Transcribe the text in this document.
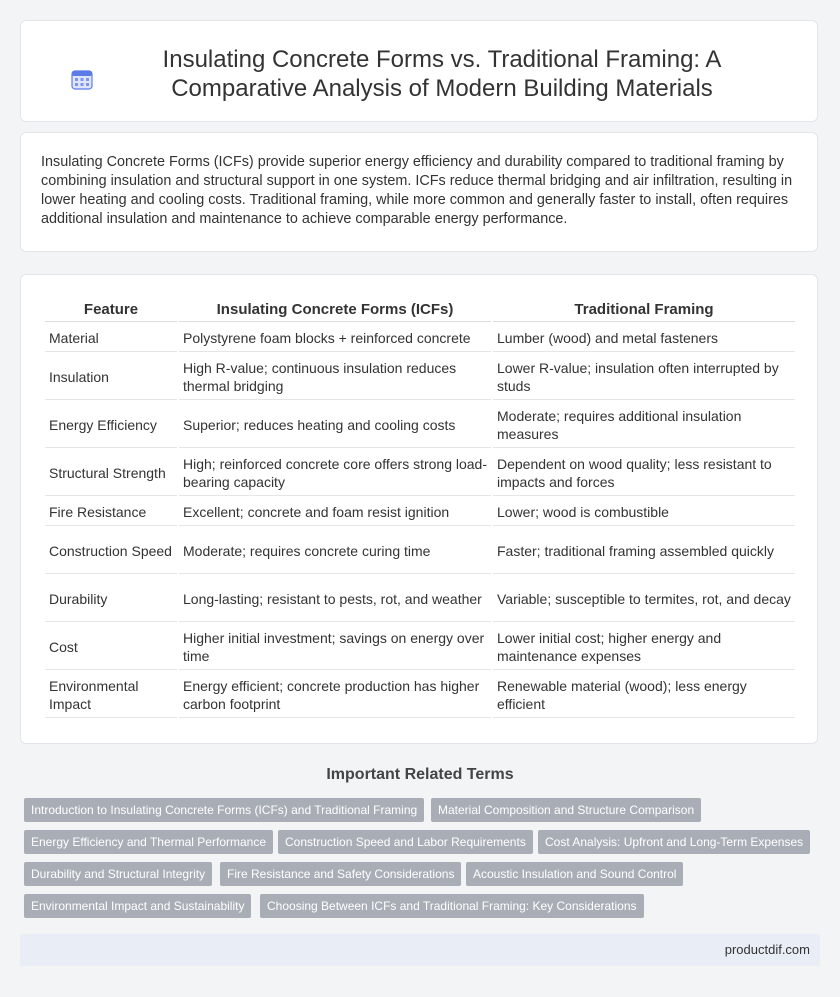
Insulating Concrete Forms vs. Traditional Framing: A Comparative Analysis of Modern Building Materials

Insulating Concrete Forms (ICFs) provide superior energy efficiency and durability compared to traditional framing by combining insulation and structural support in one system. ICFs reduce thermal bridging and air infiltration, resulting in lower heating and cooling costs. Traditional framing, while more common and generally faster to install, often requires additional insulation and maintenance to achieve comparable energy performance.

Feature	Insulating Concrete Forms (ICFs)	Traditional Framing
Material	Polystyrene foam blocks + reinforced concrete	Lumber (wood) and metal fasteners
Insulation	High R-value; continuous insulation reduces thermal bridging	Lower R-value; insulation often interrupted by studs
Energy Efficiency	Superior; reduces heating and cooling costs	Moderate; requires additional insulation measures
Structural Strength	High; reinforced concrete core offers strong load-bearing capacity	Dependent on wood quality; less resistant to impacts and forces
Fire Resistance	Excellent; concrete and foam resist ignition	Lower; wood is combustible
Construction Speed	Moderate; requires concrete curing time	Faster; traditional framing assembled quickly
Durability	Long-lasting; resistant to pests, rot, and weather	Variable; susceptible to termites, rot, and decay
Cost	Higher initial investment; savings on energy over time	Lower initial cost; higher energy and maintenance expenses
Environmental Impact	Energy efficient; concrete production has higher carbon footprint	Renewable material (wood); less energy efficient
Important Related Terms
Introduction to Insulating Concrete Forms (ICFs) and Traditional Framing	Material Composition and Structure Comparison
Energy Efficiency and Thermal Performance	Construction Speed and Labor Requirements	Cost Analysis: Upfront and Long-Term Expenses
Durability and Structural Integrity	Fire Resistance and Safety Considerations	Acoustic Insulation and Sound Control
Environmental Impact and Sustainability	Choosing Between ICFs and Traditional Framing: Key Considerations
productdif.com
